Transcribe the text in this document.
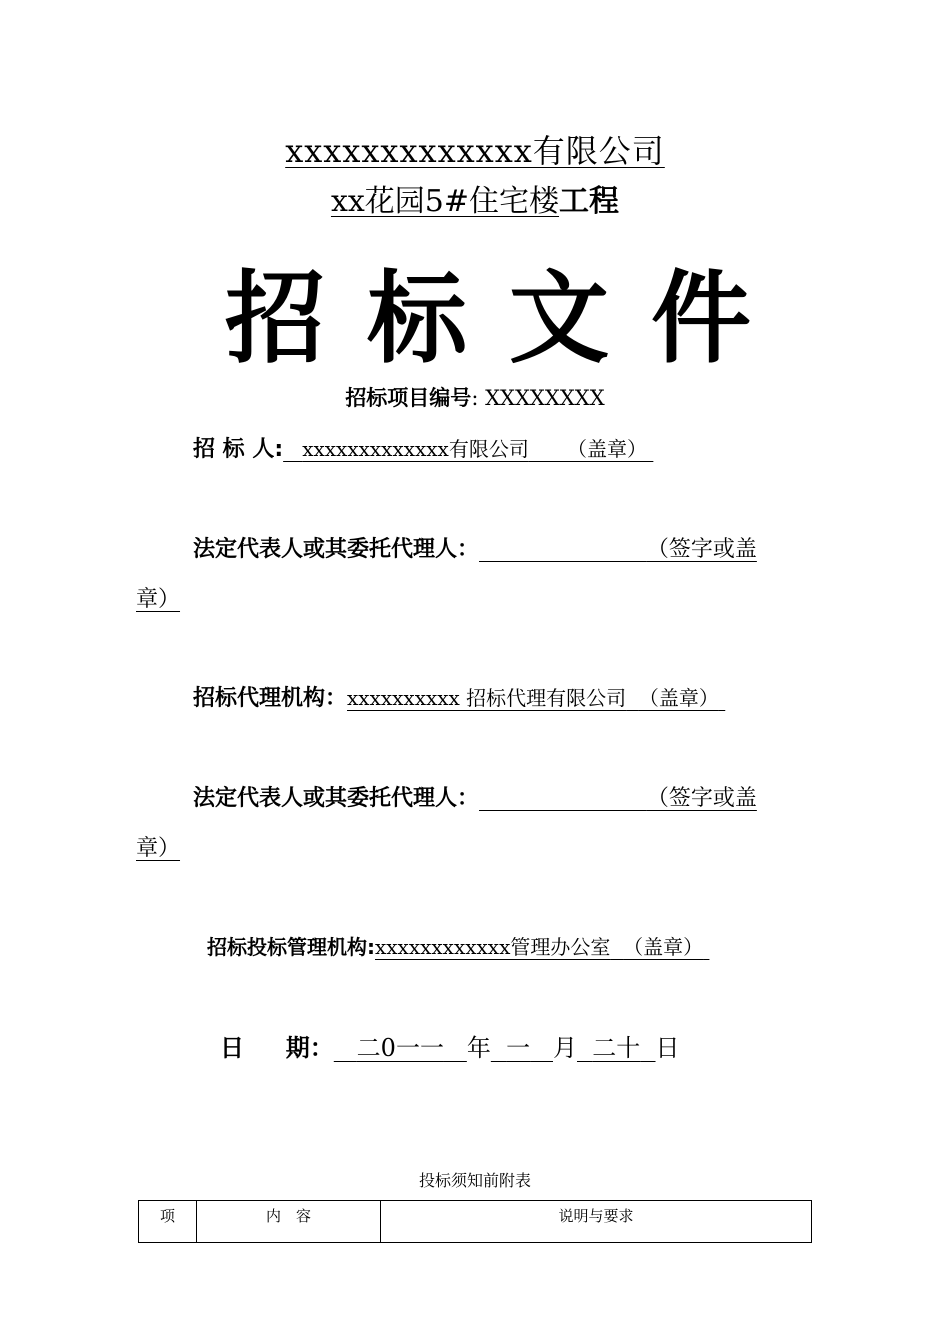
xxxxxxxxxxxxx有限公司
xx花园5#住宅楼工程
招标文件
招标项目编号: XXXXXXXX
招 标 人: xxxxxxxxxxxxx有限公司 （盖章）
法定代表人或其委托代理人：	（签字或盖
章）
招标代理机构：xxxxxxxxxx 招标代理有限公司 （盖章）
法定代表人或其委托代理人：	（签字或盖
章）
招标投标管理机构:xxxxxxxxxxxx管理办公室 （盖章）
日 期： 二0一一 年 一 月 二十 日
投标须知前附表
项	内　容	说明与要求
